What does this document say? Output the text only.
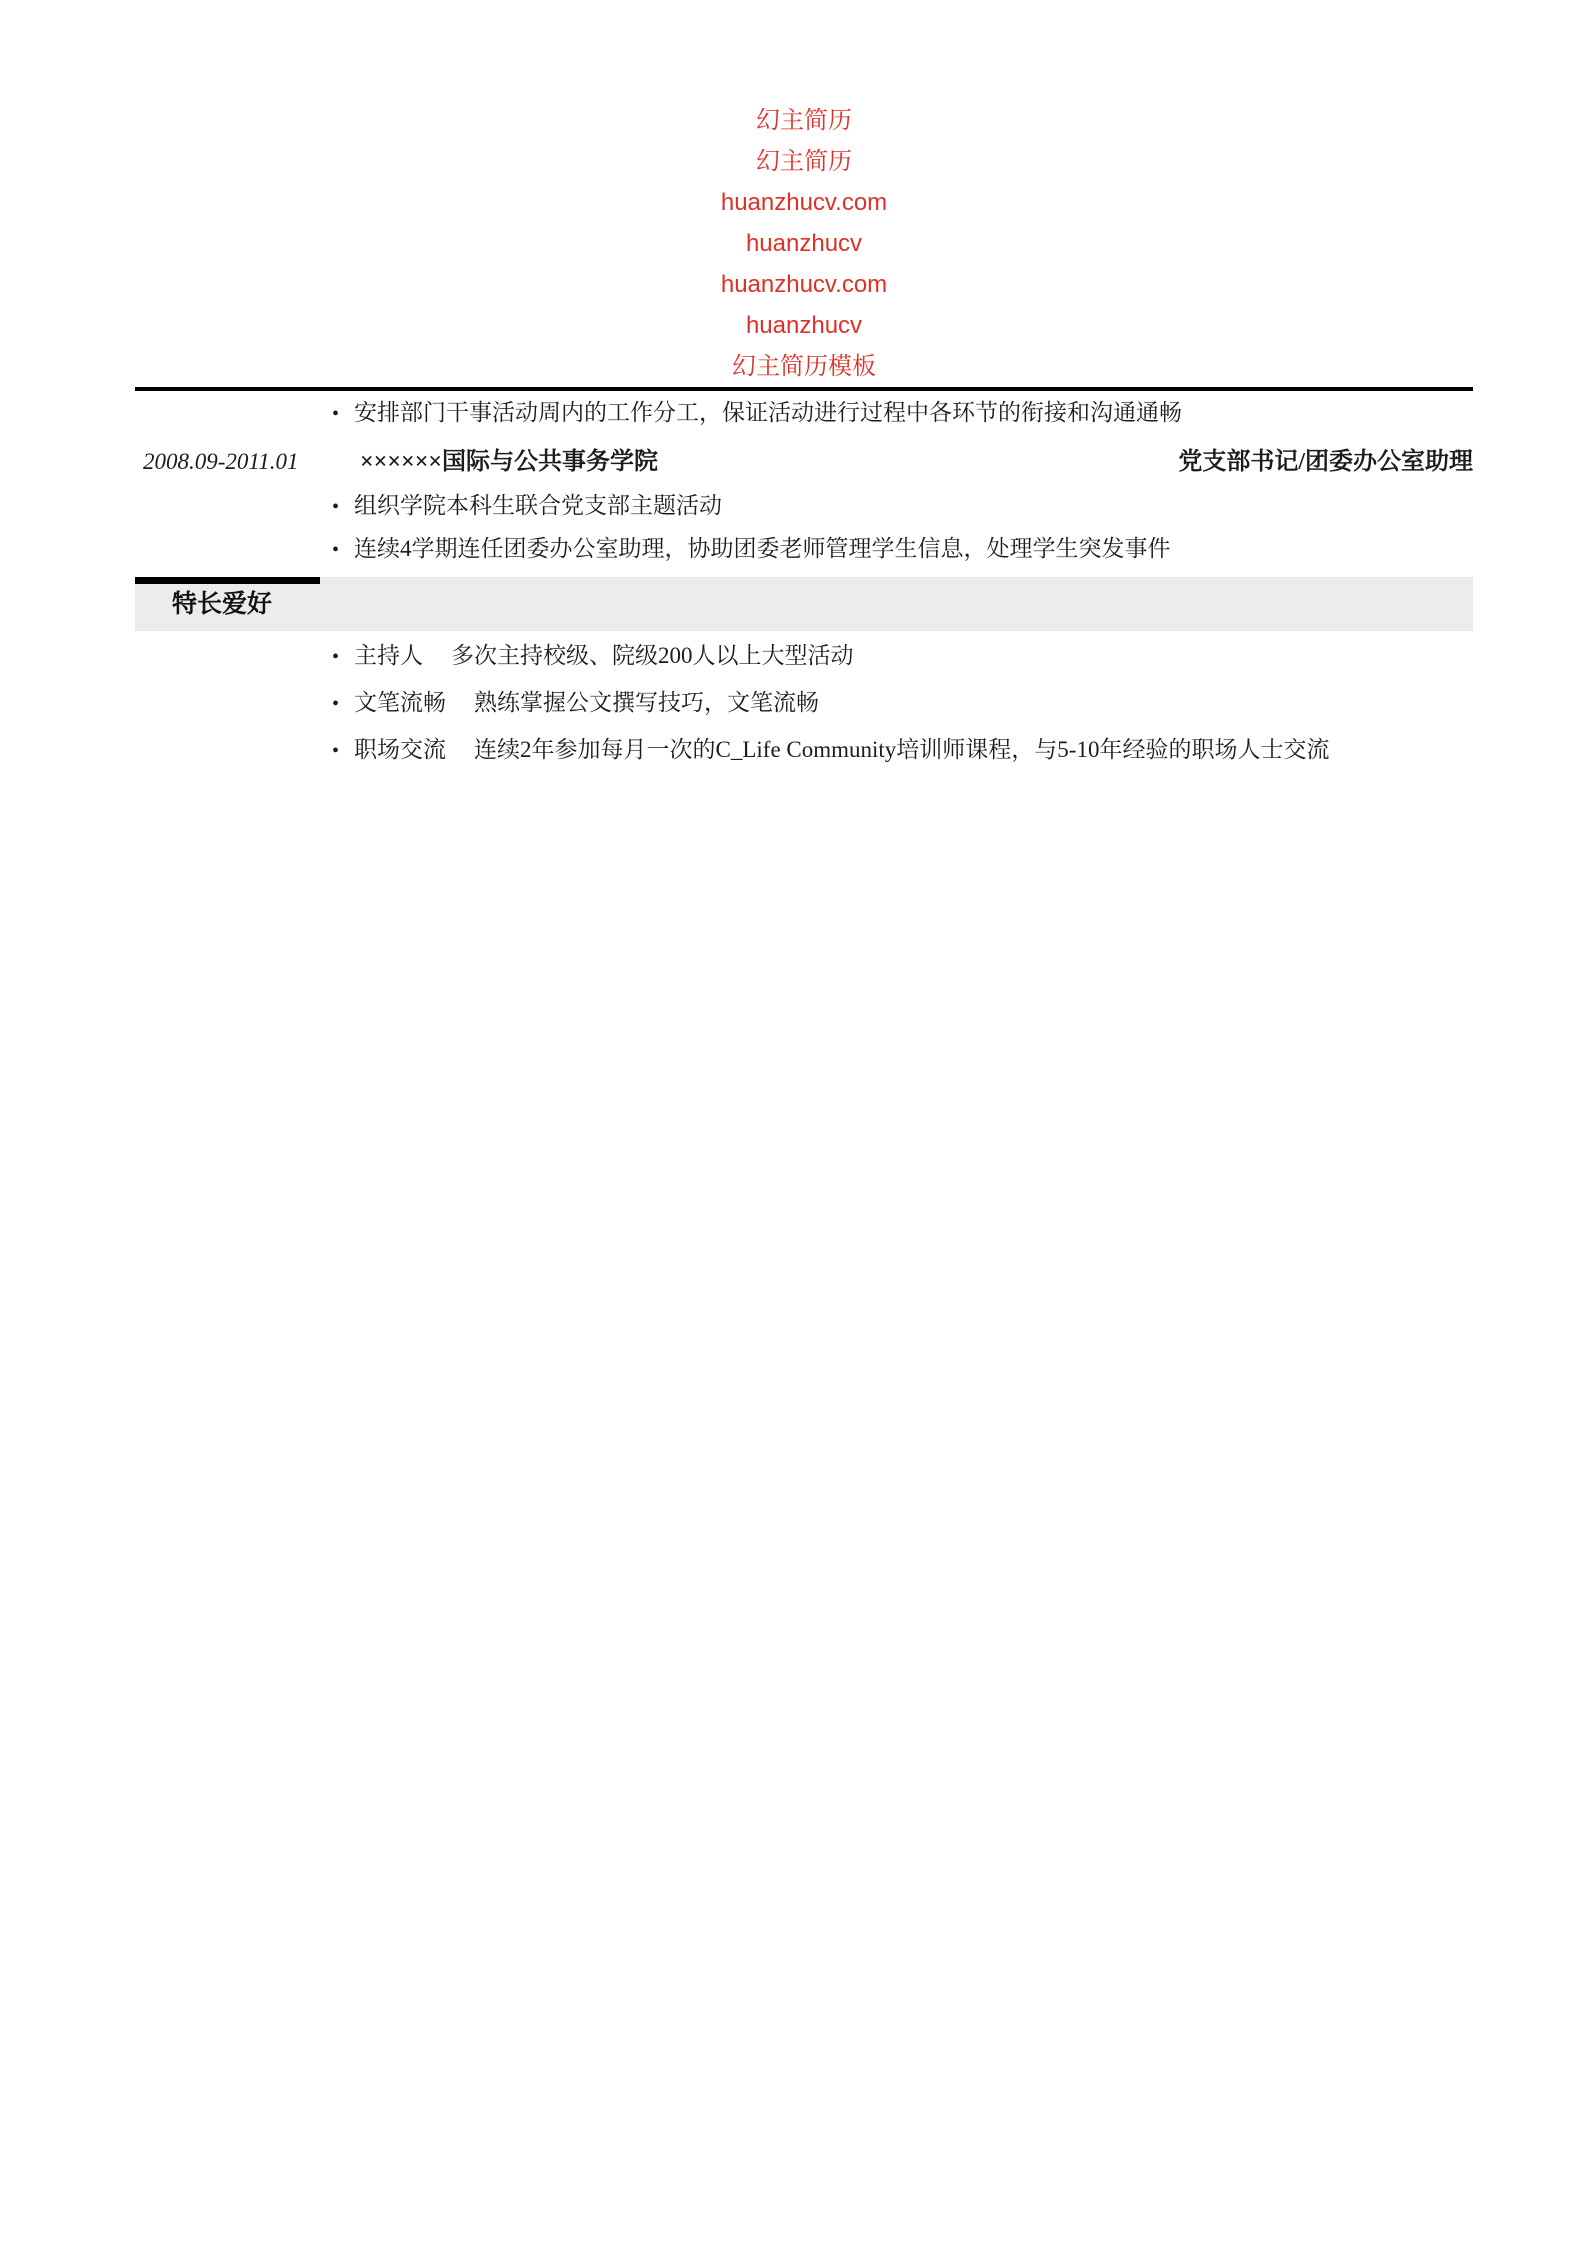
幻主简历
幻主简历
huanzhucv.com
huanzhucv
huanzhucv.com
huanzhucv
幻主简历模板
• 安排部门干事活动周内的工作分工，保证活动进行过程中各环节的衔接和沟通通畅
2008.09-2011.01	××××××国际与公共事务学院	党支部书记/团委办公室助理
• 组织学院本科生联合党支部主题活动
• 连续4学期连任团委办公室助理，协助团委老师管理学生信息，处理学生突发事件
特长爱好
• 主持人 多次主持校级、院级200人以上大型活动
• 文笔流畅 熟练掌握公文撰写技巧，文笔流畅
• 职场交流 连续2年参加每月一次的C_Life Community培训师课程，与5-10年经验的职场人士交流
